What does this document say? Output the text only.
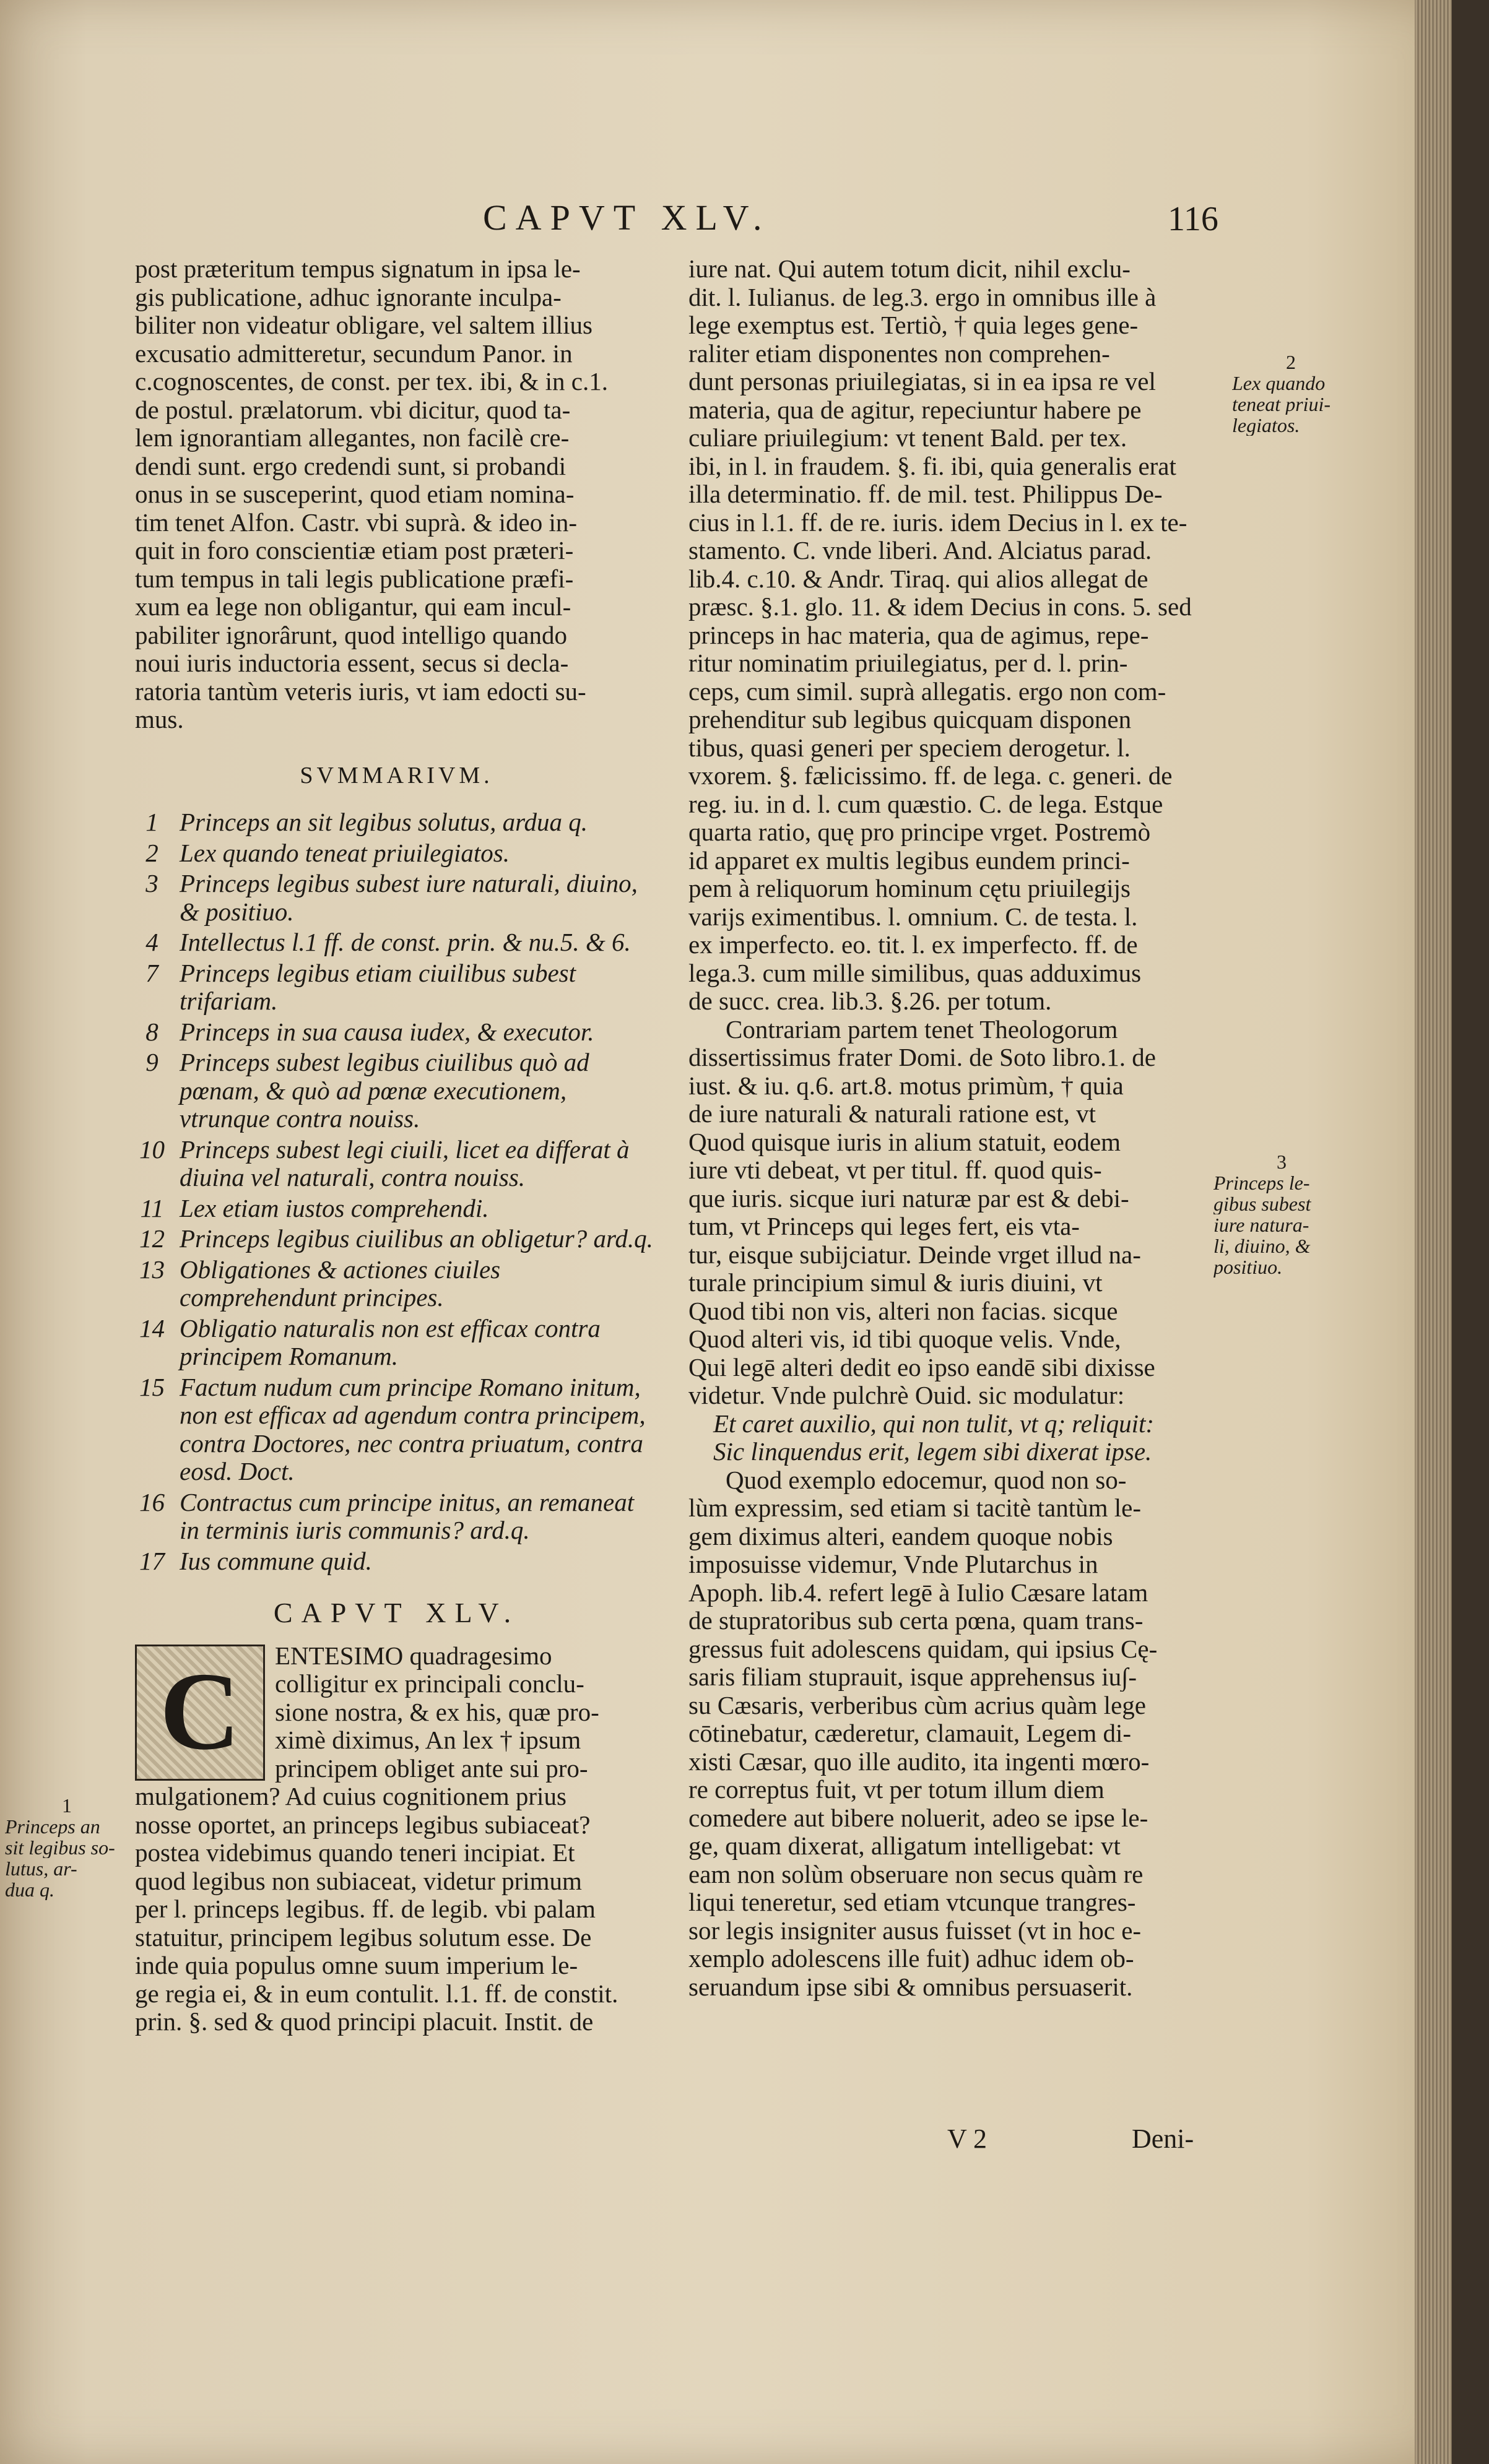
CAPVT XLV.	116
post præteritum tempus signatum in ipsa le-
gis publicatione, adhuc ignorante inculpa-
biliter non videatur obligare, vel saltem illius
excusatio admitteretur, secundum Panor. in
c.cognoscentes, de const. per tex. ibi, & in c.1.
de postul. prælatorum. vbi dicitur, quod ta-
lem ignorantiam allegantes, non facilè cre-
dendi sunt. ergo credendi sunt, si probandi
onus in se susceperint, quod etiam nomina-
tim tenet Alfon. Castr. vbi suprà. & ideo in-
quit in foro conscientiæ etiam post præteri-
tum tempus in tali legis publicatione præfi-
xum ea lege non obligantur, qui eam incul-
pabiliter ignorârunt, quod intelligo quando
noui iuris inductoria essent, secus si decla-
ratoria tantùm veteris iuris, vt iam edocti su-
mus.
SVMMARIVM.
1 Princeps an sit legibus solutus, ardua q.
2 Lex quando teneat priuilegiatos.
3 Princeps legibus subest iure naturali, diuino, & positiuo.
4 Intellectus l.1 ff. de const. prin. & nu.5. & 6.
7 Princeps legibus etiam ciuilibus subest trifariam.
8 Princeps in sua causa iudex, & executor.
9 Princeps subest legibus ciuilibus quò ad pœnam, & quò ad pœnæ executionem, vtrunque contra nouiss.
10 Princeps subest legi ciuili, licet ea differat à diuina vel naturali, contra nouiss.
11 Lex etiam iustos comprehendi.
12 Princeps legibus ciuilibus an obligetur? ard.q.
13 Obligationes & actiones ciuiles comprehendunt principes.
14 Obligatio naturalis non est efficax contra principem Romanum.
15 Factum nudum cum principe Romano initum, non est efficax ad agendum contra principem, contra Doctores, nec contra priuatum, contra eosd. Doct.
16 Contractus cum principe initus, an remaneat in terminis iuris communis? ard.q.
17 Ius commune quid.
CAPVT XLV.
C	ENTESIMO quadragesimo
colligitur ex principali conclu-
sione nostra, & ex his, quæ pro-
ximè diximus, An lex † ipsum
principem obliget ante sui pro-
mulgationem? Ad cuius cognitionem prius
nosse oportet, an princeps legibus subiaceat?
postea videbimus quando teneri incipiat. Et
quod legibus non subiaceat, videtur primum
per l. princeps legibus. ff. de legib. vbi palam
statuitur, principem legibus solutum esse. De
inde quia populus omne suum imperium le-
ge regia ei, & in eum contulit. l.1. ff. de constit.
prin. §. sed & quod principi placuit. Instit. de
iure nat. Qui autem totum dicit, nihil exclu-
dit. l. Iulianus. de leg.3. ergo in omnibus ille à
lege exemptus est. Tertiò, † quia leges gene-
raliter etiam disponentes non comprehen-
dunt personas priuilegiatas, si in ea ipsa re vel
materia, qua de agitur, repeciuntur habere pe
culiare priuilegium: vt tenent Bald. per tex.
ibi, in l. in fraudem. §. fi. ibi, quia generalis erat
illa determinatio. ff. de mil. test. Philippus De-
cius in l.1. ff. de re. iuris. idem Decius in l. ex te-
stamento. C. vnde liberi. And. Alciatus parad.
lib.4. c.10. & Andr. Tiraq. qui alios allegat de
præsc. §.1. glo. 11. & idem Decius in cons. 5. sed
princeps in hac materia, qua de agimus, repe-
ritur nominatim priuilegiatus, per d. l. prin-
ceps, cum simil. suprà allegatis. ergo non com-
prehenditur sub legibus quicquam disponen
tibus, quasi generi per speciem derogetur. l.
vxorem. §. fælicissimo. ff. de lega. c. generi. de
reg. iu. in d. l. cum quæstio. C. de lega. Estque
quarta ratio, quę pro principe vrget. Postremò
id apparet ex multis legibus eundem princi-
pem à reliquorum hominum cętu priuilegijs
varijs eximentibus. l. omnium. C. de testa. l.
ex imperfecto. eo. tit. l. ex imperfecto. ff. de
lega.3. cum mille similibus, quas adduximus
de succ. crea. lib.3. §.26. per totum.
Contrariam partem tenet Theologorum
dissertissimus frater Domi. de Soto libro.1. de
iust. & iu. q.6. art.8. motus primùm, † quia
de iure naturali & naturali ratione est, vt
Quod quisque iuris in alium statuit, eodem
iure vti debeat, vt per titul. ff. quod quis-
que iuris. sicque iuri naturæ par est & debi-
tum, vt Princeps qui leges fert, eis vta-
tur, eisque subijciatur. Deinde vrget illud na-
turale principium simul & iuris diuini, vt
Quod tibi non vis, alteri non facias. sicque
Quod alteri vis, id tibi quoque velis. Vnde,
Qui legē alteri dedit eo ipso eandē sibi dixisse
videtur. Vnde pulchrè Ouid. sic modulatur:
Et caret auxilio, qui non tulit, vt q; reliquit:
Sic linquendus erit, legem sibi dixerat ipse.
Quod exemplo edocemur, quod non so-
lùm expressim, sed etiam si tacitè tantùm le-
gem diximus alteri, eandem quoque nobis
imposuisse videmur, Vnde Plutarchus in
Apoph. lib.4. refert legē à Iulio Cæsare latam
de stupratoribus sub certa pœna, quam trans-
gressus fuit adolescens quidam, qui ipsius Cę-
saris filiam stuprauit, isque apprehensus iu∫-
su Cæsaris, verberibus cùm acrius quàm lege
cōtinebatur, cæderetur, clamauit, Legem di-
xisti Cæsar, quo ille audito, ita ingenti mœro-
re correptus fuit, vt per totum illum diem
comedere aut bibere noluerit, adeo se ipse le-
ge, quam dixerat, alligatum intelligebat: vt
eam non solùm obseruare non secus quàm re
liqui teneretur, sed etiam vtcunque trangres-
sor legis insigniter ausus fuisset (vt in hoc e-
xemplo adolescens ille fuit) adhuc idem ob-
seruandum ipse sibi & omnibus persuaserit.
2
Lex quando
teneat priui-
legiatos.
3
Princeps le-
gibus subest
iure natura-
li, diuino, &
positiuo.
1
Princeps an
sit legibus so-
lutus, ar-
dua q.
V 2	Deni-
